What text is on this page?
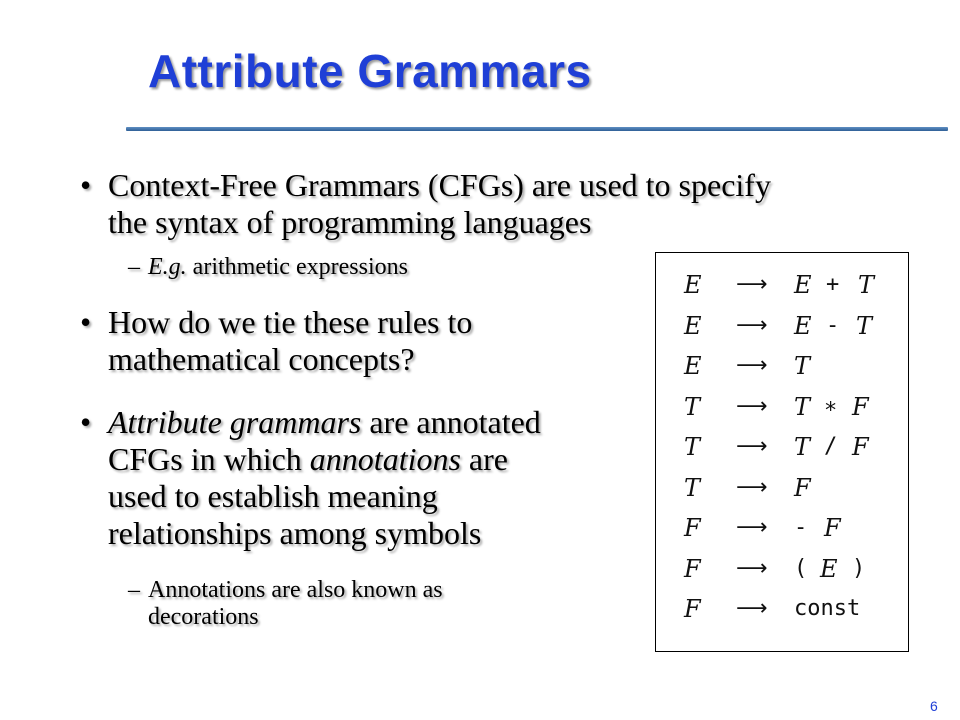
Attribute Grammars
• Context-Free Grammars (CFGs) are used to specify
the syntax of programming languages
– E.g. arithmetic expressions
• How do we tie these rules to
mathematical concepts?
• Attribute grammars are annotated
CFGs in which annotations are
used to establish meaning
relationships among symbols
– Annotations are also known as
decorations
E ⟶ E + T
E ⟶ E - T
E ⟶ T
T ⟶ T ∗ F
T ⟶ T / F
T ⟶ F
F ⟶ - F
F ⟶ ( E )
F ⟶ const
6
